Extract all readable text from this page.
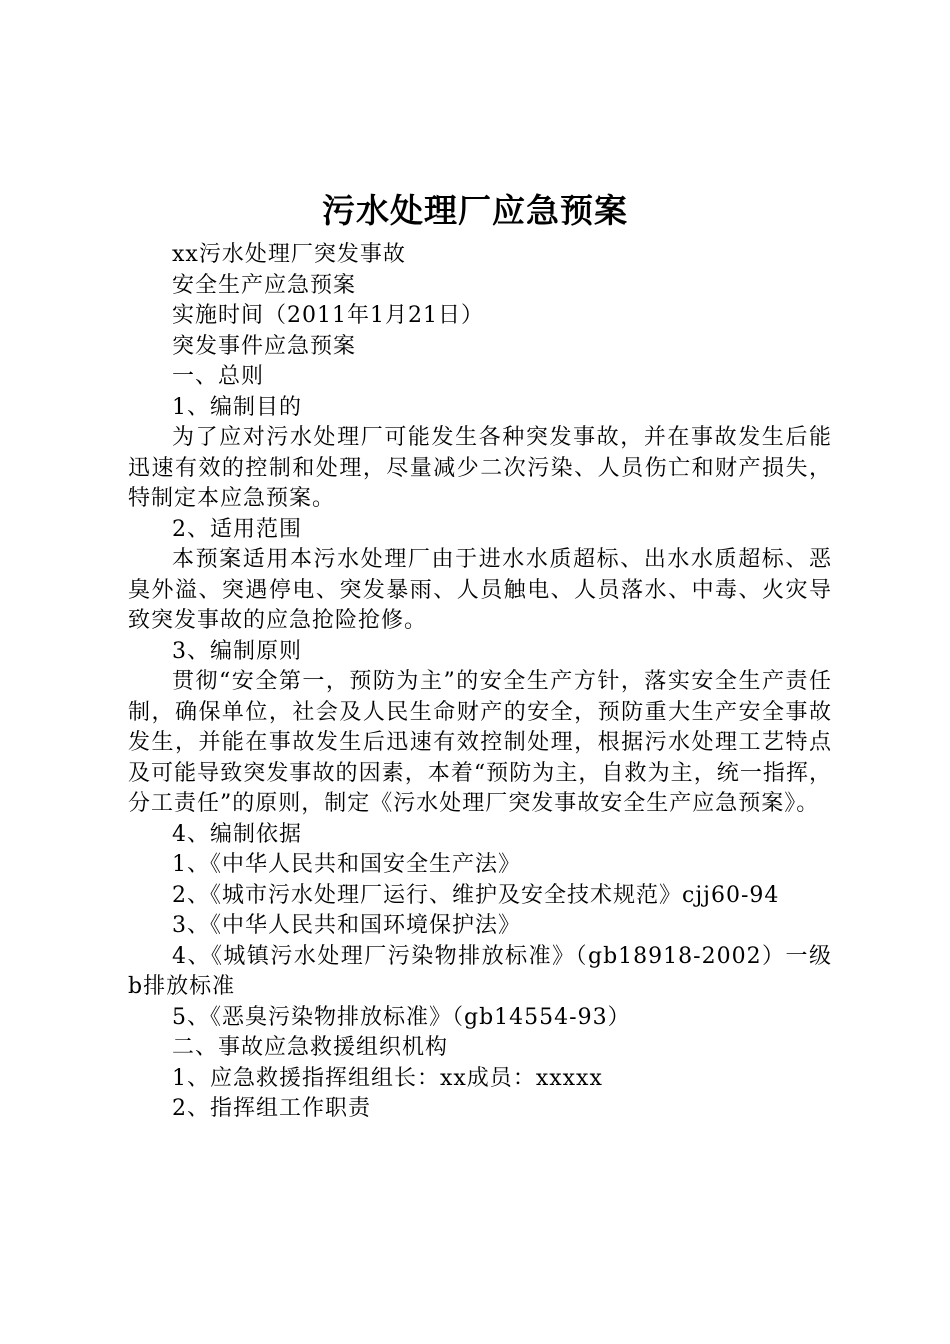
污水处理厂应急预案

xx污水处理厂突发事故

安全生产应急预案

实施时间（2011年1月21日）

突发事件应急预案

一、总则

1、编制目的

为了应对污水处理厂可能发生各种突发事故，并在事故发生后能迅速有效的控制和处理，尽量减少二次污染、人员伤亡和财产损失，特制定本应急预案。

2、适用范围

本预案适用本污水处理厂由于进水水质超标、出水水质超标、恶臭外溢、突遇停电、突发暴雨、人员触电、人员落水、中毒、火灾导致突发事故的应急抢险抢修。

3、编制原则

贯彻“安全第一，预防为主”的安全生产方针，落实安全生产责任制，确保单位，社会及人民生命财产的安全，预防重大生产安全事故发生，并能在事故发生后迅速有效控制处理，根据污水处理工艺特点及可能导致突发事故的因素，本着“预防为主，自救为主，统一指挥，分工责任”的原则，制定《污水处理厂突发事故安全生产应急预案》。

4、编制依据

1、《中华人民共和国安全生产法》

2、《城市污水处理厂运行、维护及安全技术规范》cjj60-94

3、《中华人民共和国环境保护法》

4、《城镇污水处理厂污染物排放标准》（gb18918-2002）一级b排放标准

5、《恶臭污染物排放标准》（gb14554-93）

二、事故应急救援组织机构

1、应急救援指挥组组长：xx成员：xxxxx

2、指挥组工作职责
